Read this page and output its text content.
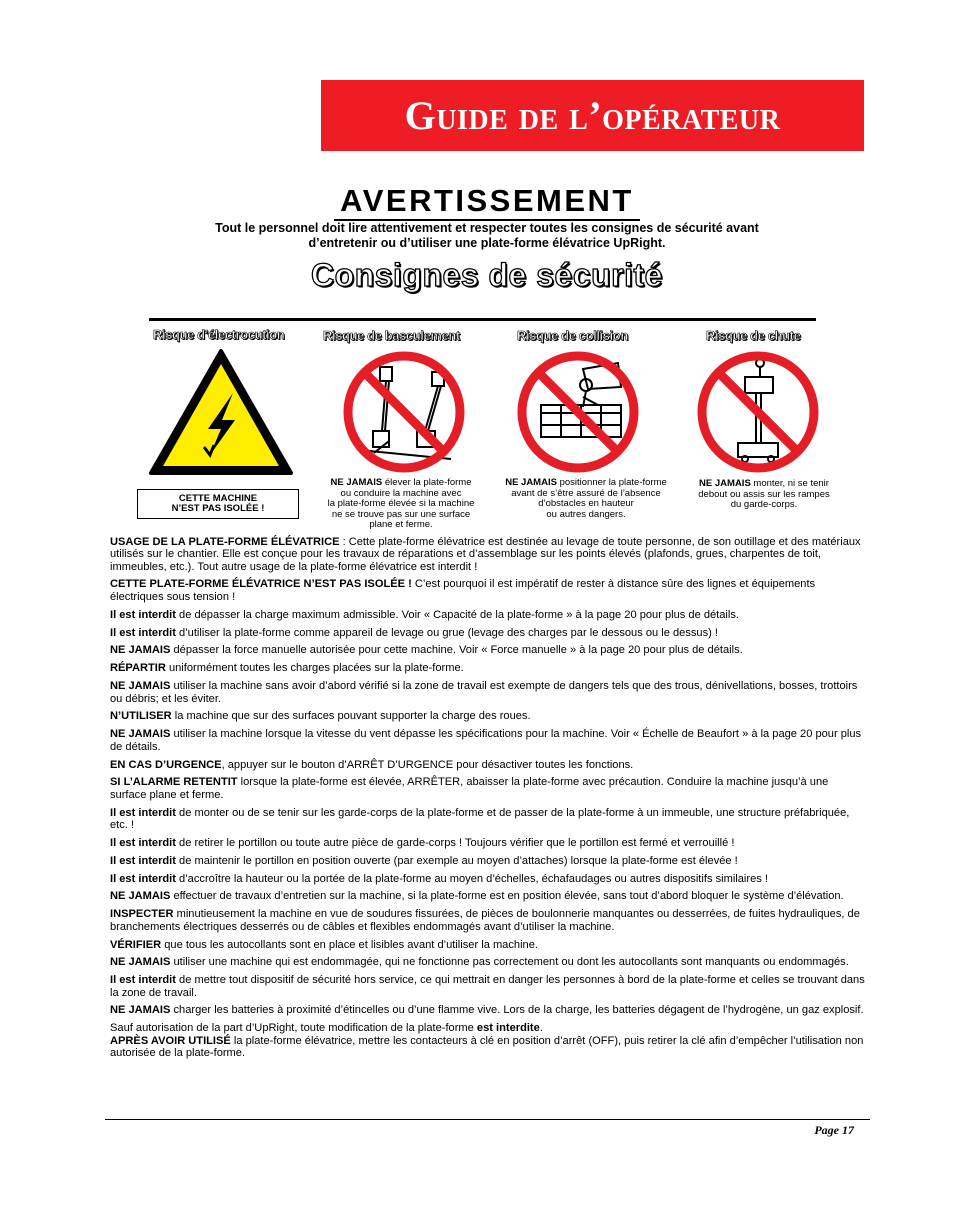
Guide de l’opérateur
AVERTISSEMENT
Tout le personnel doit lire attentivement et respecter toutes les consignes de sécurité avant
d’entretenir ou d’utiliser une plate-forme élévatrice UpRight.
Consignes de sécurité
Risque d’électrocution	Risque de basculement	Risque de collision	Risque de chute
NE JAMAIS élever la plate-forme
ou conduire la machine avec
la plate-forme élevée si la machine
ne se trouve pas sur une surface
plane et ferme.
NE JAMAIS positionner la plate-forme
avant de s’être assuré de l’absence
d’obstacles en hauteur
ou autres dangers.
NE JAMAIS monter, ni se tenir
debout ou assis sur les rampes
du garde-corps.
CETTE MACHINE
N’EST PAS ISOLÉE !

USAGE DE LA PLATE-FORME ÉLÉVATRICE : Cette plate-forme élévatrice est destinée au levage de toute personne, de son outillage et des matériaux utilisés sur le chantier. Elle est conçue pour les travaux de réparations et d’assemblage sur les points élevés (plafonds, grues, charpentes de toit, immeubles, etc.). Tout autre usage de la plate-forme élévatrice est interdit !

CETTE PLATE-FORME ÉLÉVATRICE N’EST PAS ISOLÉE ! C’est pourquoi il est impératif de rester à distance sûre des lignes et équipements électriques sous tension !

Il est interdit de dépasser la charge maximum admissible. Voir « Capacité de la plate-forme » à la page 20 pour plus de détails.

Il est interdit d’utiliser la plate-forme comme appareil de levage ou grue (levage des charges par le dessous ou le dessus) !

NE JAMAIS dépasser la force manuelle autorisée pour cette machine. Voir « Force manuelle » à la page 20 pour plus de détails.

RÉPARTIR uniformément toutes les charges placées sur la plate-forme.

NE JAMAIS utiliser la machine sans avoir d’abord vérifié si la zone de travail est exempte de dangers tels que des trous, dénivellations, bosses, trottoirs ou débris; et les éviter.

N’UTILISER la machine que sur des surfaces pouvant supporter la charge des roues.

NE JAMAIS utiliser la machine lorsque la vitesse du vent dépasse les spécifications pour la machine. Voir « Échelle de Beaufort » à la page 20 pour plus de détails.

EN CAS D’URGENCE, appuyer sur le bouton d’ARRÊT D’URGENCE pour désactiver toutes les fonctions.

SI L’ALARME RETENTIT lorsque la plate-forme est élevée, ARRÊTER, abaisser la plate-forme avec précaution. Conduire la machine jusqu’à une surface plane et ferme.

Il est interdit de monter ou de se tenir sur les garde-corps de la plate-forme et de passer de la plate-forme à un immeuble, une structure préfabriquée, etc. !

Il est interdit de retirer le portillon ou toute autre pièce de garde-corps ! Toujours vérifier que le portillon est fermé et verrouillé !

Il est interdit de maintenir le portillon en position ouverte (par exemple au moyen d’attaches) lorsque la plate-forme est élevée !

Il est interdit d’accroître la hauteur ou la portée de la plate-forme au moyen d’échelles, échafaudages ou autres dispositifs similaires !

NE JAMAIS effectuer de travaux d’entretien sur la machine, si la plate-forme est en position élevée, sans tout d’abord bloquer le système d’élévation.

INSPECTER minutieusement la machine en vue de soudures fissurées, de pièces de boulonnerie manquantes ou desserrées, de fuites hydrauliques, de branchements électriques desserrés ou de câbles et flexibles endommagés avant d’utiliser la machine.

VÉRIFIER que tous les autocollants sont en place et lisibles avant d’utiliser la machine.

NE JAMAIS utiliser une machine qui est endommagée, qui ne fonctionne pas correctement ou dont les autocollants sont manquants ou endommagés.

Il est interdit de mettre tout dispositif de sécurité hors service, ce qui mettrait en danger les personnes à bord de la plate-forme et celles se trouvant dans la zone de travail.

NE JAMAIS charger les batteries à proximité d’étincelles ou d’une flamme vive. Lors de la charge, les batteries dégagent de l’hydrogène, un gaz explosif.

Sauf autorisation de la part d’UpRight, toute modification de la plate-forme est interdite.
APRÈS AVOIR UTILISÉ la plate-forme élévatrice, mettre les contacteurs à clé en position d’arrêt (OFF), puis retirer la clé afin d’empêcher l’utilisation non autorisée de la plate-forme.

Page 17
